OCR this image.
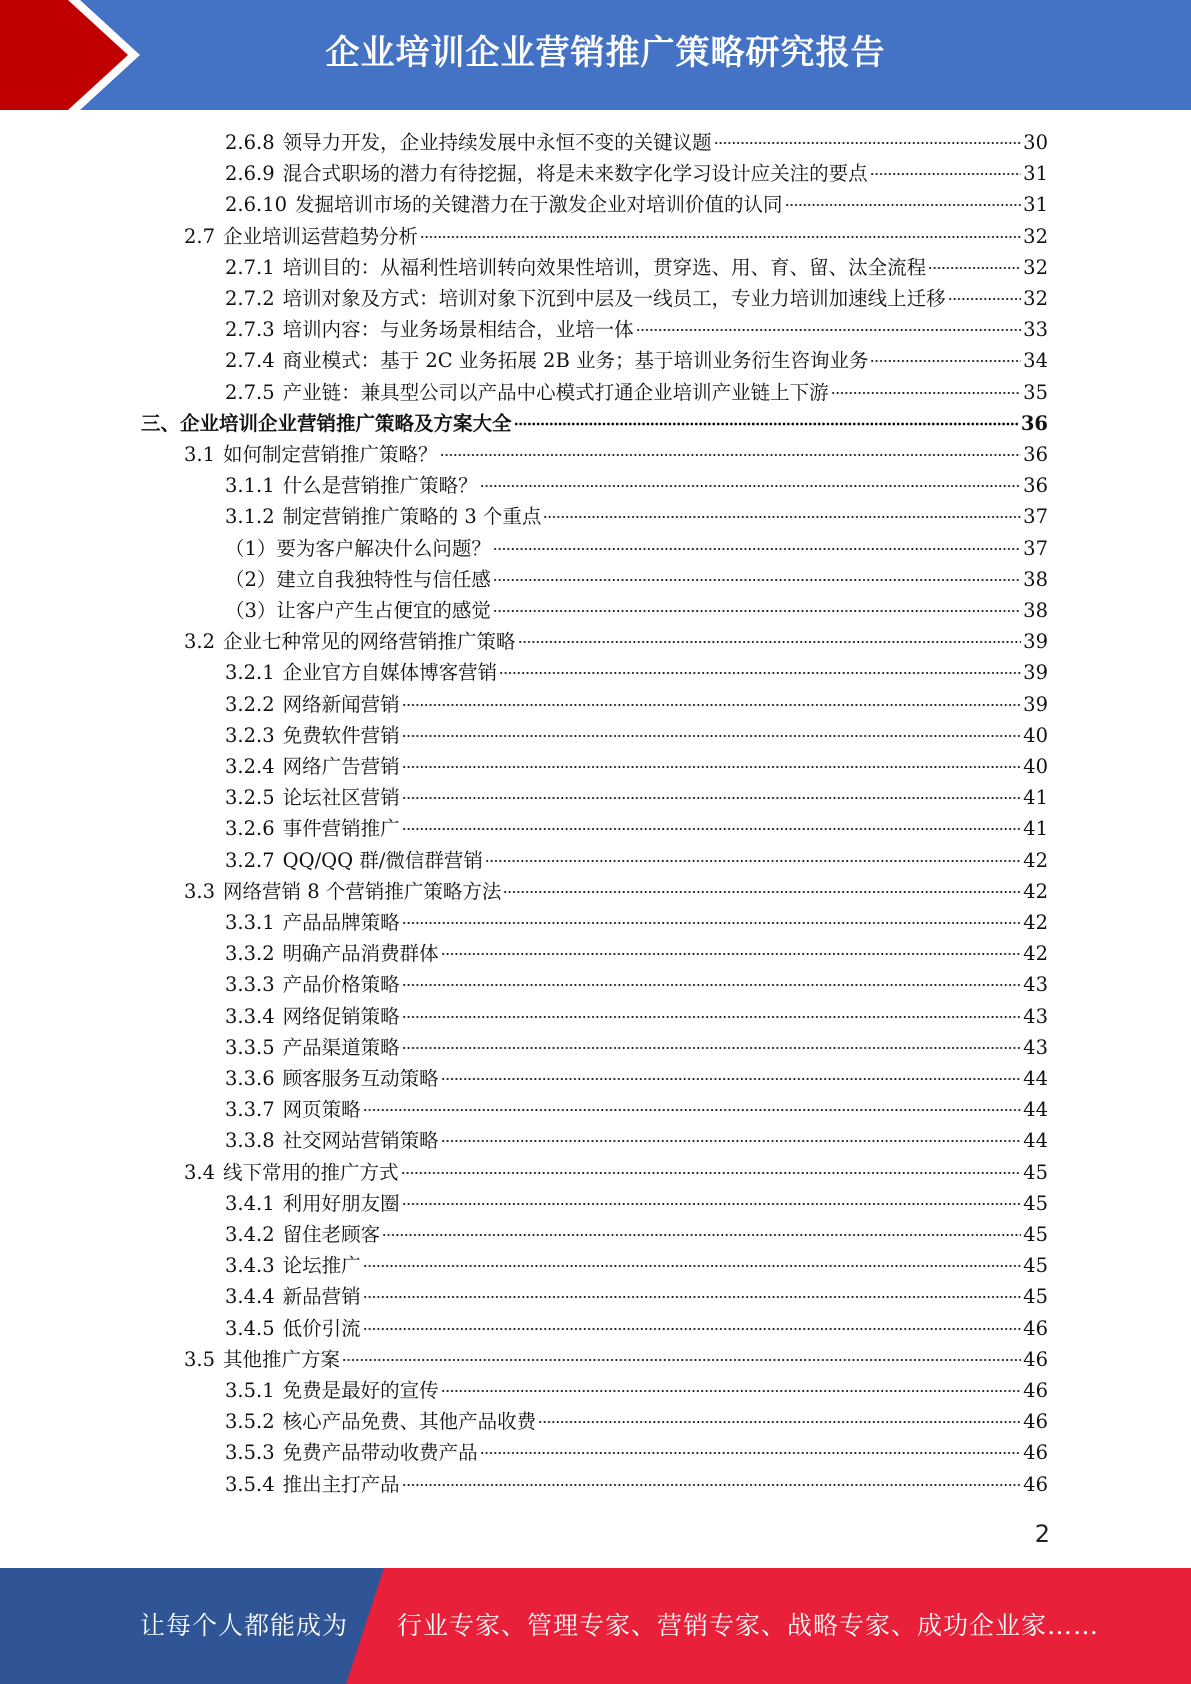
企业培训企业营销推广策略研究报告
2.6.8 领导力开发，企业持续发展中永恒不变的关键议题	30
2.6.9 混合式职场的潜力有待挖掘，将是未来数字化学习设计应关注的要点	31
2.6.10 发掘培训市场的关键潜力在于激发企业对培训价值的认同	31
2.7 企业培训运营趋势分析	32
2.7.1 培训目的：从福利性培训转向效果性培训，贯穿选、用、育、留、汰全流程	32
2.7.2 培训对象及方式：培训对象下沉到中层及一线员工，专业力培训加速线上迁移	32
2.7.3 培训内容：与业务场景相结合，业培一体	33
2.7.4 商业模式：基于 2C 业务拓展 2B 业务；基于培训业务衍生咨询业务	34
2.7.5 产业链：兼具型公司以产品中心模式打通企业培训产业链上下游	35
三、 企业培训企业营销推广策略及方案大全	36
3.1 如何制定营销推广策略？	36
3.1.1 什么是营销推广策略？	36
3.1.2 制定营销推广策略的 3 个重点	37
（1） 要为客户解决什么问题？	37
（2） 建立自我独特性与信任感	38
（3） 让客户产生占便宜的感觉	38
3.2 企业七种常见的网络营销推广策略	39
3.2.1 企业官方自媒体博客营销	39
3.2.2 网络新闻营销	39
3.2.3 免费软件营销	40
3.2.4 网络广告营销	40
3.2.5 论坛社区营销	41
3.2.6 事件营销推广	41
3.2.7 QQ/QQ 群/微信群营销	42
3.3 网络营销 8 个营销推广策略方法	42
3.3.1 产品品牌策略	42
3.3.2 明确产品消费群体	42
3.3.3 产品价格策略	43
3.3.4 网络促销策略	43
3.3.5 产品渠道策略	43
3.3.6 顾客服务互动策略	44
3.3.7 网页策略	44
3.3.8 社交网站营销策略	44
3.4 线下常用的推广方式	45
3.4.1 利用好朋友圈	45
3.4.2 留住老顾客	45
3.4.3 论坛推广	45
3.4.4 新品营销	45
3.4.5 低价引流	46
3.5 其他推广方案	46
3.5.1 免费是最好的宣传	46
3.5.2 核心产品免费、其他产品收费	46
3.5.3 免费产品带动收费产品	46
3.5.4 推出主打产品	46
2
让每个人都能成为 行业专家、管理专家、营销专家、战略专家、成功企业家……
